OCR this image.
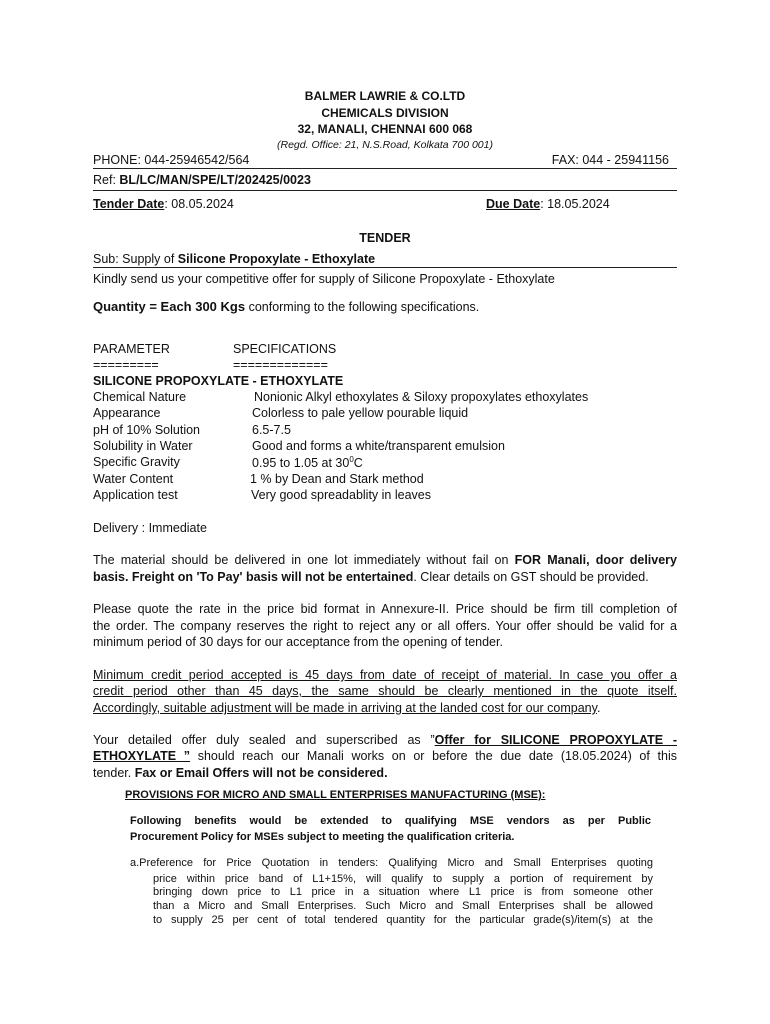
BALMER LAWRIE & CO.LTD
CHEMICALS DIVISION
32, MANALI, CHENNAI 600 068
(Regd. Office: 21, N.S.Road, Kolkata 700 001)
PHONE: 044-25946542/564	FAX: 044 - 25941156
Ref: BL/LC/MAN/SPE/LT/202425/0023
Tender Date: 08.05.2024	Due Date: 18.05.2024
TENDER
Sub: Supply of Silicone Propoxylate - Ethoxylate
Kindly send us your competitive offer for supply of Silicone Propoxylate - Ethoxylate
Quantity = Each 300 Kgs conforming to the following specifications.
PARAMETER	SPECIFICATIONS
=========	=============
SILICONE PROPOXYLATE - ETHOXYLATE
Chemical Nature	Nonionic Alkyl ethoxylates & Siloxy propoxylates ethoxylates
Appearance	Colorless to pale yellow pourable liquid
pH of 10% Solution	6.5-7.5
Solubility in Water	Good and forms a white/transparent emulsion
Specific Gravity	0.95 to 1.05 at $30^0C$
Water Content	1 % by Dean and Stark method
Application test	Very good spreadablity in leaves
Delivery : Immediate
The material should be delivered in one lot immediately without fail on FOR Manali, door delivery
basis. Freight on 'To Pay' basis will not be entertained. Clear details on GST should be provided.
Please quote the rate in the price bid format in Annexure-II. Price should be firm till completion of
the order. The company reserves the right to reject any or all offers. Your offer should be valid for a
minimum period of 30 days for our acceptance from the opening of tender.
Minimum credit period accepted is 45 days from date of receipt of material. In case you offer a
credit period other than 45 days, the same should be clearly mentioned in the quote itself.
Accordingly, suitable adjustment will be made in arriving at the landed cost for our company.
Your detailed offer duly sealed and superscribed as ”Offer for SILICONE PROPOXYLATE -
ETHOXYLATE ” should reach our Manali works on or before the due date (18.05.2024) of this
tender. Fax or Email Offers will not be considered.
PROVISIONS FOR MICRO AND SMALL ENTERPRISES MANUFACTURING (MSE):
Following benefits would be extended to qualifying MSE vendors as per Public
Procurement Policy for MSEs subject to meeting the qualification criteria.
a.Preference for Price Quotation in tenders: Qualifying Micro and Small Enterprises quoting
price within price band of L1+15%, will qualify to supply a portion of requirement by
bringing down price to L1 price in a situation where L1 price is from someone other
than a Micro and Small Enterprises. Such Micro and Small Enterprises shall be allowed
to supply 25 per cent of total tendered quantity for the particular grade(s)/item(s) at the
